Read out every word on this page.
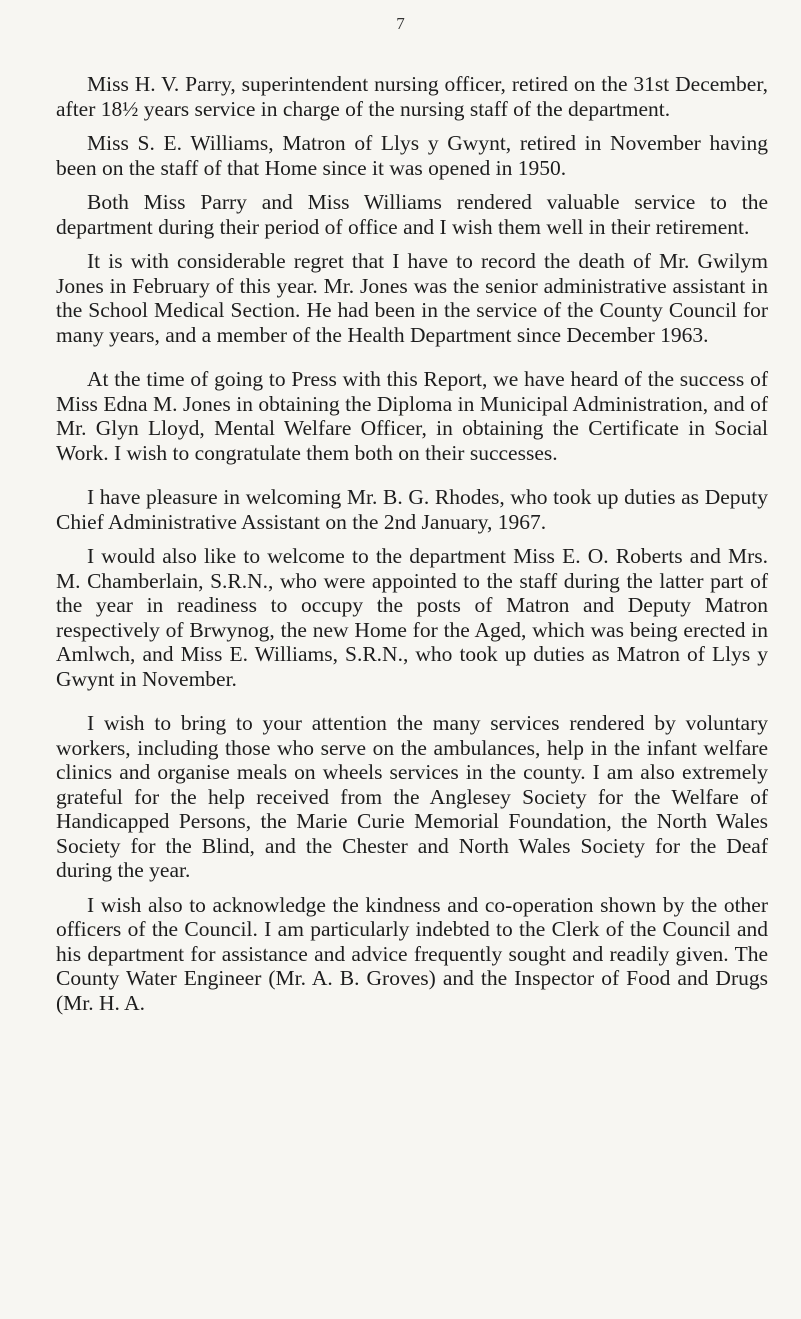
7

Miss H. V. Parry, superintendent nursing officer, retired on the 31st December, after 18½ years service in charge of the nursing staff of the department.

Miss S. E. Williams, Matron of Llys y Gwynt, retired in November having been on the staff of that Home since it was opened in 1950.

Both Miss Parry and Miss Williams rendered valuable service to the department during their period of office and I wish them well in their retirement.

It is with considerable regret that I have to record the death of Mr. Gwilym Jones in February of this year. Mr. Jones was the senior administrative assistant in the School Medical Section. He had been in the service of the County Council for many years, and a member of the Health Department since December 1963.

At the time of going to Press with this Report, we have heard of the success of Miss Edna M. Jones in obtaining the Diploma in Municipal Administration, and of Mr. Glyn Lloyd, Mental Welfare Officer, in obtaining the Certificate in Social Work. I wish to congratulate them both on their successes.

I have pleasure in welcoming Mr. B. G. Rhodes, who took up duties as Deputy Chief Administrative Assistant on the 2nd January, 1967.

I would also like to welcome to the department Miss E. O. Roberts and Mrs. M. Chamberlain, S.R.N., who were appointed to the staff during the latter part of the year in readiness to occupy the posts of Matron and Deputy Matron respectively of Brwynog, the new Home for the Aged, which was being erected in Amlwch, and Miss E. Williams, S.R.N., who took up duties as Matron of Llys y Gwynt in November.

I wish to bring to your attention the many services rendered by voluntary workers, including those who serve on the ambulances, help in the infant welfare clinics and organise meals on wheels services in the county. I am also extremely grateful for the help received from the Anglesey Society for the Welfare of Handicapped Persons, the Marie Curie Memorial Foundation, the North Wales Society for the Blind, and the Chester and North Wales Society for the Deaf during the year.

I wish also to acknowledge the kindness and co-operation shown by the other officers of the Council. I am particularly indebted to the Clerk of the Council and his department for assistance and advice frequently sought and readily given. The County Water Engineer (Mr. A. B. Groves) and the Inspector of Food and Drugs (Mr. H. A.
